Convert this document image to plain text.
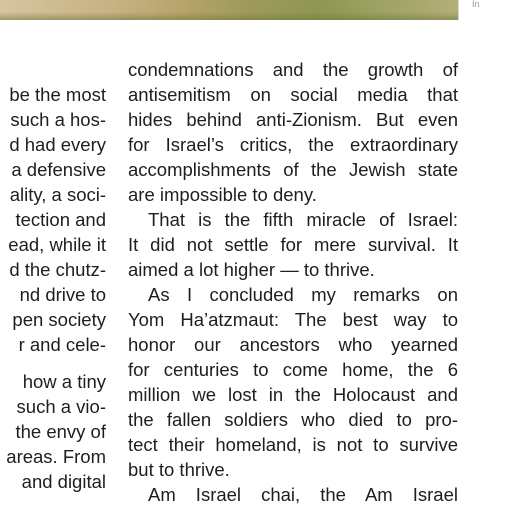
In
be the most
such a hos-
d had every
a defensive
ality, a soci-
tection and
ead, while it
d the chutz-
nd drive to
pen society
r and cele-
how a tiny
such a vio-
the envy of
areas. From
and digital
condemnations and the growth of
antisemitism on social media that
hides behind anti-Zionism. But even
for Israel’s critics, the extraordinary
accomplishments of the Jewish state
are impossible to deny.
That is the fifth miracle of Israel:
It did not settle for mere survival. It
aimed a lot higher — to thrive.
As I concluded my remarks on
Yom Ha’atzmaut: The best way to
honor our ancestors who yearned
for centuries to come home, the 6
million we lost in the Holocaust and
the fallen soldiers who died to pro-
tect their homeland, is not to survive
but to thrive.
Am Israel chai, the Am Israel
